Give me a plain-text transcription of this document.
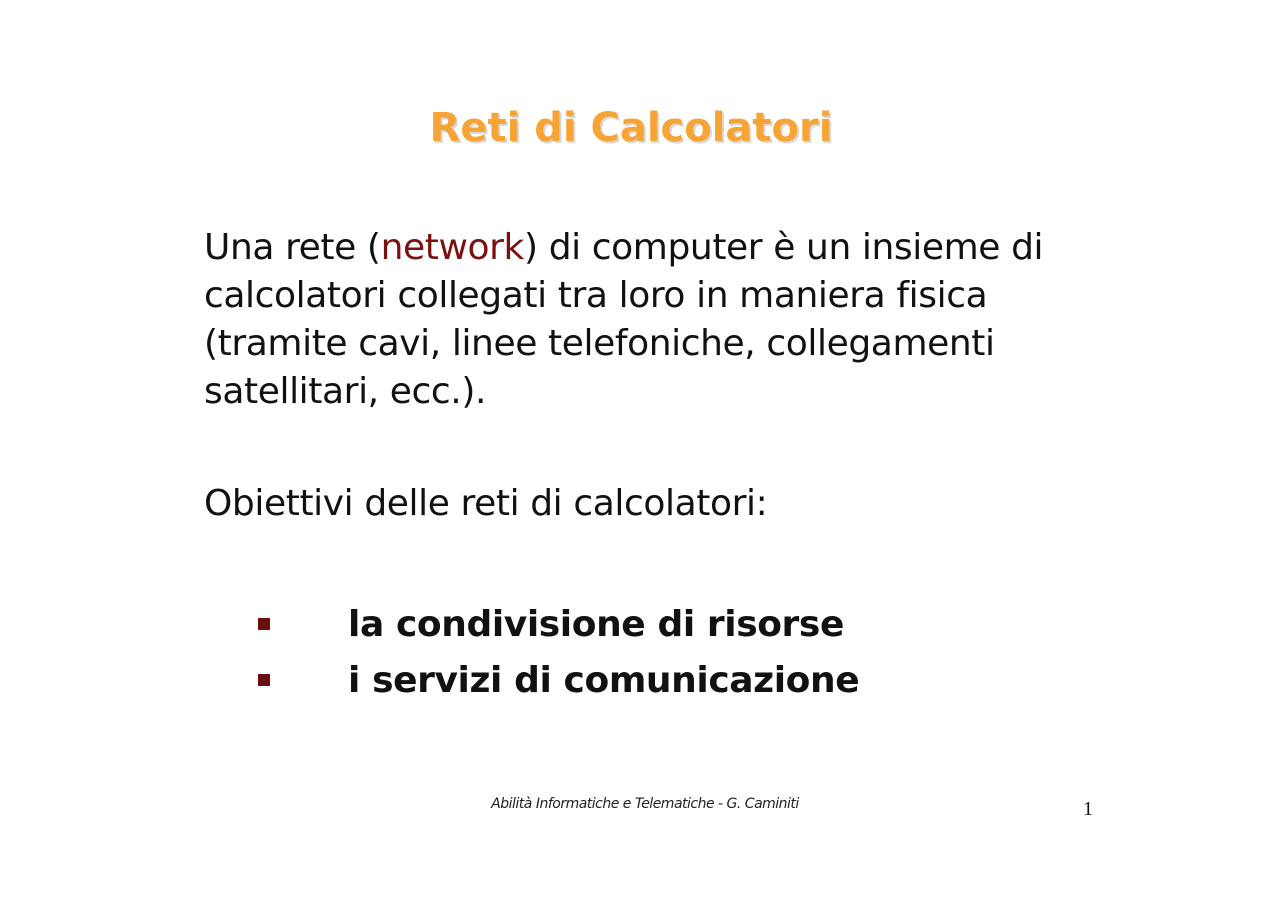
Reti di Calcolatori

Una rete (network) di computer è un insieme di
calcolatori collegati tra loro in maniera fisica
(tramite cavi, linee telefoniche, collegamenti
satellitari, ecc.).

Obiettivi delle reti di calcolatori:

la condivisione di risorse
i servizi di comunicazione
Abilità Informatiche e Telematiche - G. Caminiti	1
